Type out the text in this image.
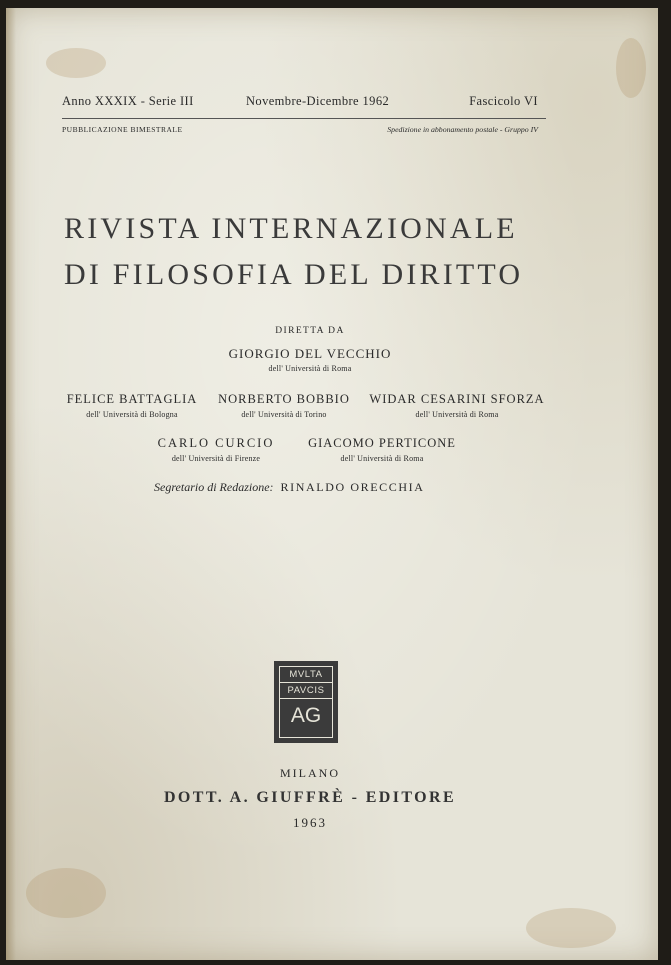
Anno XXXIX - Serie III	Novembre-Dicembre 1962	Fascicolo VI
PUBBLICAZIONE BIMESTRALE	Spedizione in abbonamento postale - Gruppo IV
RIVISTA INTERNAZIONALE
DI FILOSOFIA DEL DIRITTO
DIRETTA DA
GIORGIO DEL VECCHIO
dell' Università di Roma
FELICE BATTAGLIA
dell' Università di Bologna
NORBERTO BOBBIO
dell' Università di Torino
WIDAR CESARINI SFORZA
dell' Università di Roma
CARLO CURCIO
dell' Università di Firenze
GIACOMO PERTICONE
dell' Università di Roma
Segretario di Redazione: RINALDO ORECCHIA
MVLTA
PAVCIS
AG
MILANO
DOTT. A. GIUFFRÈ - EDITORE
1963
